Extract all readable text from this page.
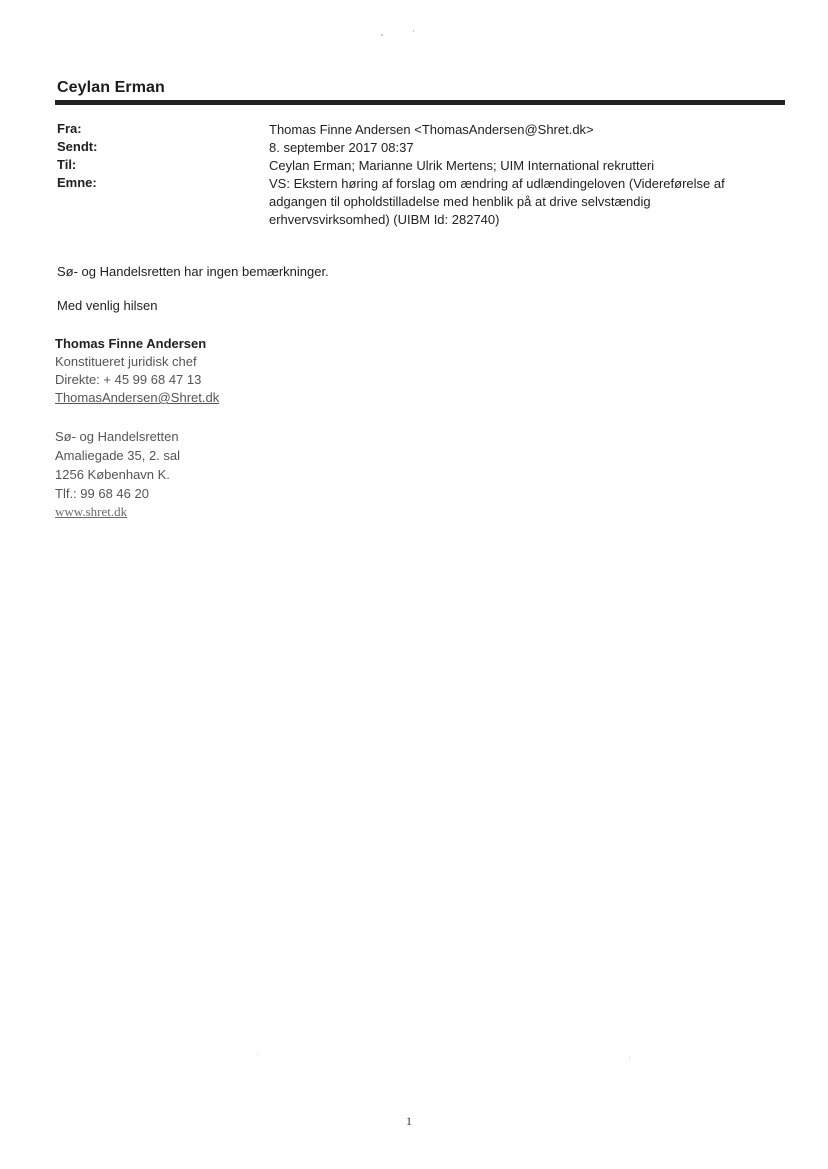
Ceylan Erman
Fra:	Thomas Finne Andersen <ThomasAndersen@Shret.dk>
Sendt:	8. september 2017 08:37
Til:	Ceylan Erman; Marianne Ulrik Mertens; UIM International rekrutteri
Emne:	VS: Ekstern høring af forslag om ændring af udlændingeloven (Videreførelse af
adgangen til opholdstilladelse med henblik på at drive selvstændig
erhvervsvirksomhed) (UIBM Id: 282740)
Sø- og Handelsretten har ingen bemærkninger.
Med venlig hilsen
Thomas Finne Andersen
Konstitueret juridisk chef
Direkte: + 45 99 68 47 13
ThomasAndersen@Shret.dk
Sø- og Handelsretten
Amaliegade 35, 2. sal
1256 København K.
Tlf.: 99 68 46 20
www.shret.dk
1
